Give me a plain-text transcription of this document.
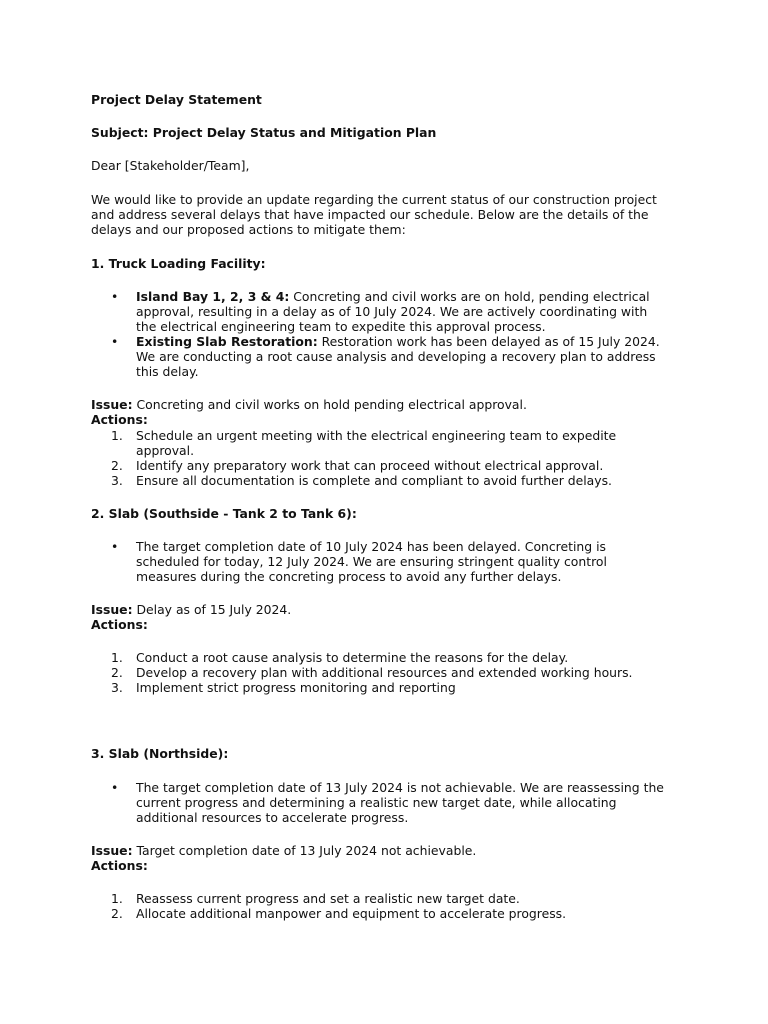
Project Delay Statement
Subject: Project Delay Status and Mitigation Plan
Dear [Stakeholder/Team],
We would like to provide an update regarding the current status of our construction project
and address several delays that have impacted our schedule. Below are the details of the
delays and our proposed actions to mitigate them:
1. Truck Loading Facility:
• Island Bay 1, 2, 3 & 4: Concreting and civil works are on hold, pending electrical
approval, resulting in a delay as of 10 July 2024. We are actively coordinating with
the electrical engineering team to expedite this approval process.
• Existing Slab Restoration: Restoration work has been delayed as of 15 July 2024.
We are conducting a root cause analysis and developing a recovery plan to address
this delay.
Issue: Concreting and civil works on hold pending electrical approval.
Actions:
1. Schedule an urgent meeting with the electrical engineering team to expedite
approval.
2. Identify any preparatory work that can proceed without electrical approval.
3. Ensure all documentation is complete and compliant to avoid further delays.
2. Slab (Southside - Tank 2 to Tank 6):
• The target completion date of 10 July 2024 has been delayed. Concreting is
scheduled for today, 12 July 2024. We are ensuring stringent quality control
measures during the concreting process to avoid any further delays.
Issue: Delay as of 15 July 2024.
Actions:
1. Conduct a root cause analysis to determine the reasons for the delay.
2. Develop a recovery plan with additional resources and extended working hours.
3. Implement strict progress monitoring and reporting
3. Slab (Northside):
• The target completion date of 13 July 2024 is not achievable. We are reassessing the
current progress and determining a realistic new target date, while allocating
additional resources to accelerate progress.
Issue: Target completion date of 13 July 2024 not achievable.
Actions:
1. Reassess current progress and set a realistic new target date.
2. Allocate additional manpower and equipment to accelerate progress.
